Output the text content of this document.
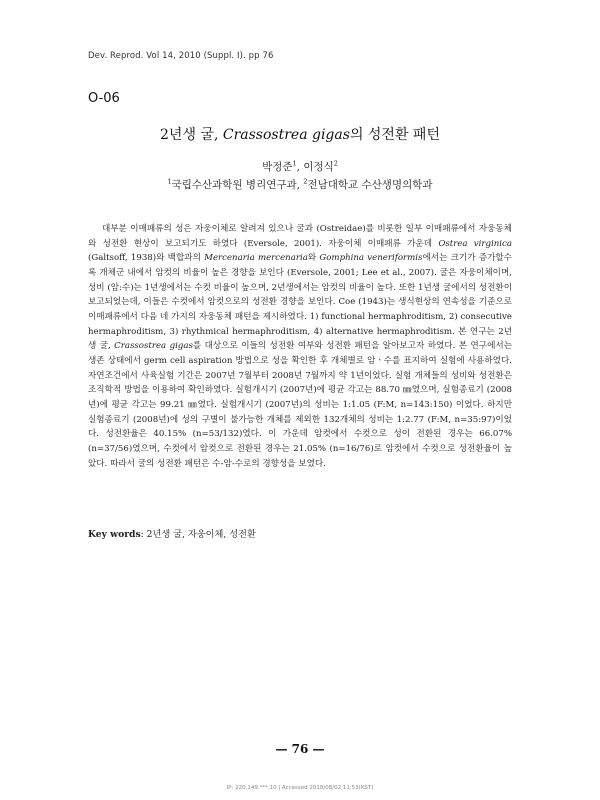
Dev. Reprod. Vol 14, 2010 (Suppl. I). pp 76
O-06
2년생 굴, Crassostrea gigas의 성전환 패턴
박정준$^1$, 이정식$^2$
$^1$국립수산과학원 병리연구과, $^2$전남대학교 수산생명의학과

대부분 이매패류의 성은 자웅이체로 알려져 있으나 굴과 (Ostreidae)를 비롯한 일부 이매패류에서 자웅동체와 성전환 현상이 보고되기도 하였다 (Eversole, 2001). 자웅이체 이매패류 가운데 Ostrea virginica (Galtsoff, 1938)와 백합과의 Mercenaria mercenaria와 Gomphina veneriformis에서는 크기가 증가할수록 개체군 내에서 암컷의 비율이 높은 경향을 보인다 (Eversole, 2001; Lee et al., 2007). 굴은 자웅이체이며, 성비 (암:수)는 1년생에서는 수컷 비율이 높으며, 2년생에서는 암컷의 비율이 높다. 또한 1년생 굴에서의 성전환이 보고되었는데, 이들은 수컷에서 암컷으로의 성전환 경향을 보인다. Coe (1943)는 생식현상의 연속성을 기준으로 이매패류에서 다음 네 가지의 자웅동체 패턴을 제시하였다. 1) functional hermaphroditism, 2) consecutive hermaphroditism, 3) rhythmical hermaphroditism, 4) alternative hermaphroditism. 본 연구는 2년생 굴, Crassostrea gigas를 대상으로 이들의 성전환 여부와 성전환 패턴을 알아보고자 하였다. 본 연구에서는 생존 상태에서 germ cell aspiration 방법으로 성을 확인한 후 개체별로 암ㆍ수를 표지하여 실험에 사용하였다. 자연조건에서 사육실험 기간은 2007년 7월부터 2008년 7월까지 약 1년이었다. 실험 개체들의 성비와 성전환은 조직학적 방법을 이용하여 확인하였다. 실험개시기 (2007년)에 평균 각고는 88.70 ㎜였으며, 실험종료기 (2008년)에 평균 각고는 99.21 ㎜였다. 실험개시기 (2007년)의 성비는 1:1.05 (F:M, n=143:150) 이었다. 하지만 실험종료기 (2008년)에 성의 구별이 불가능한 개체를 제외한 132개체의 성비는 1:2.77 (F:M, n=35:97)이었다. 성전환율은 40.15% (n=53/132)였다. 이 가운데 암컷에서 수컷으로 성이 전환된 경우는 66.07% (n=37/56)였으며, 수컷에서 암컷으로 전환된 경우는 21.05% (n=16/76)로 암컷에서 수컷으로 성전환율이 높았다. 따라서 굴의 성전환 패턴은 수-암-수로의 경향성을 보였다.

Key words: 2년생 굴, 자웅이체, 성전환
— 76 —
IP: 220.149.***.10 | Accessed 2018/08/02 11:53(KST)
